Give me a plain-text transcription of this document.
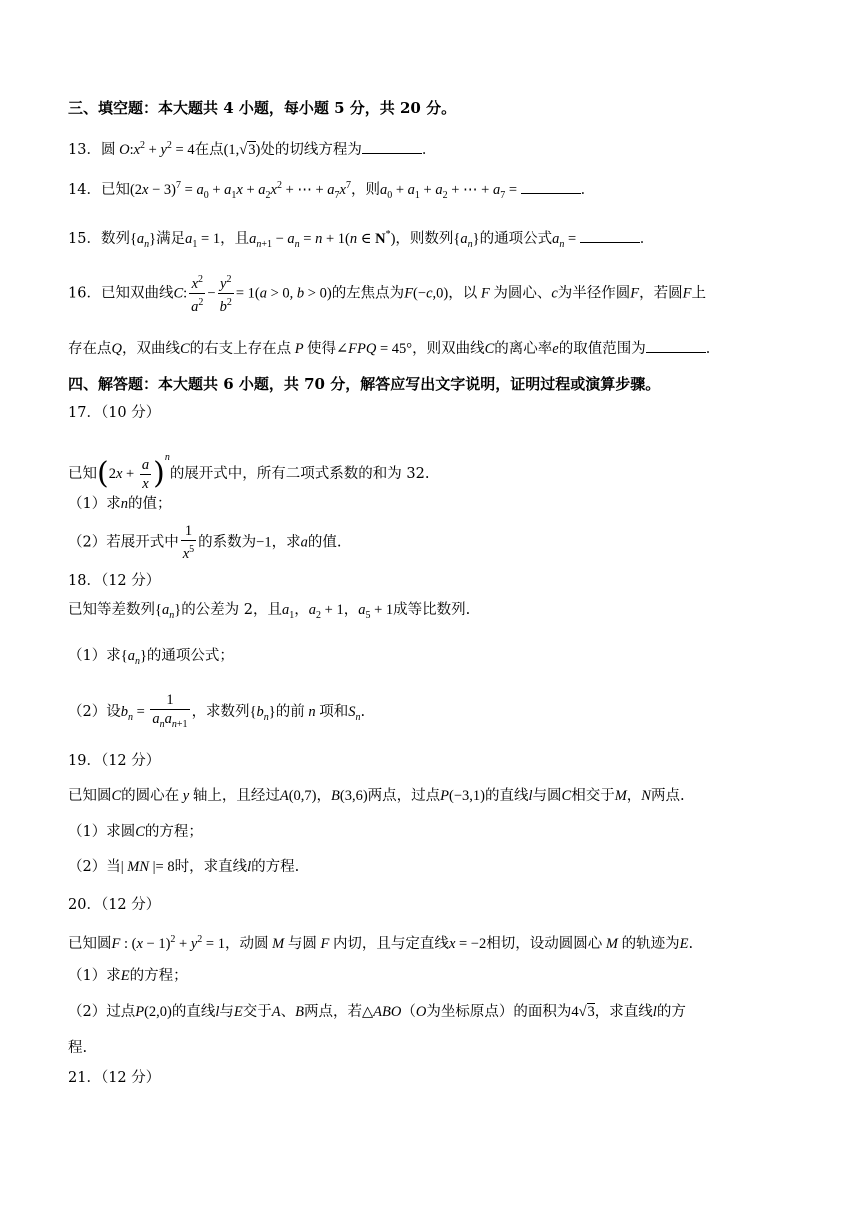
三、填空题：本大题共 4 小题，每小题 5 分，共 20 分。
13．圆 $O:x^2 + y^2 = 4$在点(1,√3)处的切线方程为	．
14．已知$(2x - 3)^7 = a_0 + a_1x + a_2x^2$ + ⋯ + $a_7x^7$，则$a_0 + a_1 + a_2$ + ⋯ + $a_7$ =	．
15．数列$\{a_n\}$满足$a_1 = 1$，且$a_{n+1} - a_n = n + 1(n$ ∈ N*)，则数列$\{a_n\}$的通项公式$a_n$ =	．
16．已知双曲线C: $\frac{x^2}{a^2} - \frac{y^2}{b^2} = 1(a > 0$, b > 0)的左焦点为F(−c,0)，以 F 为圆心、c为半径作圆F，若圆F上
存在点Q，双曲线C的右支上存在点 P 使得∠FPQ = 45°，则双曲线C的离心率e的取值范围为	．
四、解答题：本大题共 6 小题，共 70 分，解答应写出文字说明，证明过程或演算步骤。
17．（10 分）
已知$(2x + \frac{a}{x} )^n$的展开式中，所有二项式系数的和为 32.
（1）求n的值；
（2）若展开式中 $\frac{1}{x^5}$ 的系数为−1，求a的值.
18．（12 分）
已知等差数列$\{a_n\}$的公差为 2，且$a_1$，$a_2 + 1$，$a_5 + 1$成等比数列.
（1）求$\{a_n\}$的通项公式；
（2）设$b_n = \frac{1}{a_na_{n+1}}$ ，求数列$\{b_n\}$的前 n 项和$S_n$.
19．（12 分）
已知圆C的圆心在 y 轴上，且经过A(0,7)，B(3,6)两点，过点P(−3,1)的直线l与圆C相交于M，N两点.
（1）求圆C的方程；
（2）当| MN |= 8时，求直线l的方程.
20．（12 分）
已知圆F : $(x - 1)^2 + y^2 = 1$，动圆 M 与圆 F 内切，且与定直线x = −2相切，设动圆圆心 M 的轨迹为E.
（1）求E的方程；
（2）过点P(2,0)的直线l与E交于A、B两点，若△ABO（O为坐标原点）的面积为4√3，求直线l的方
程.
21．（12 分）
